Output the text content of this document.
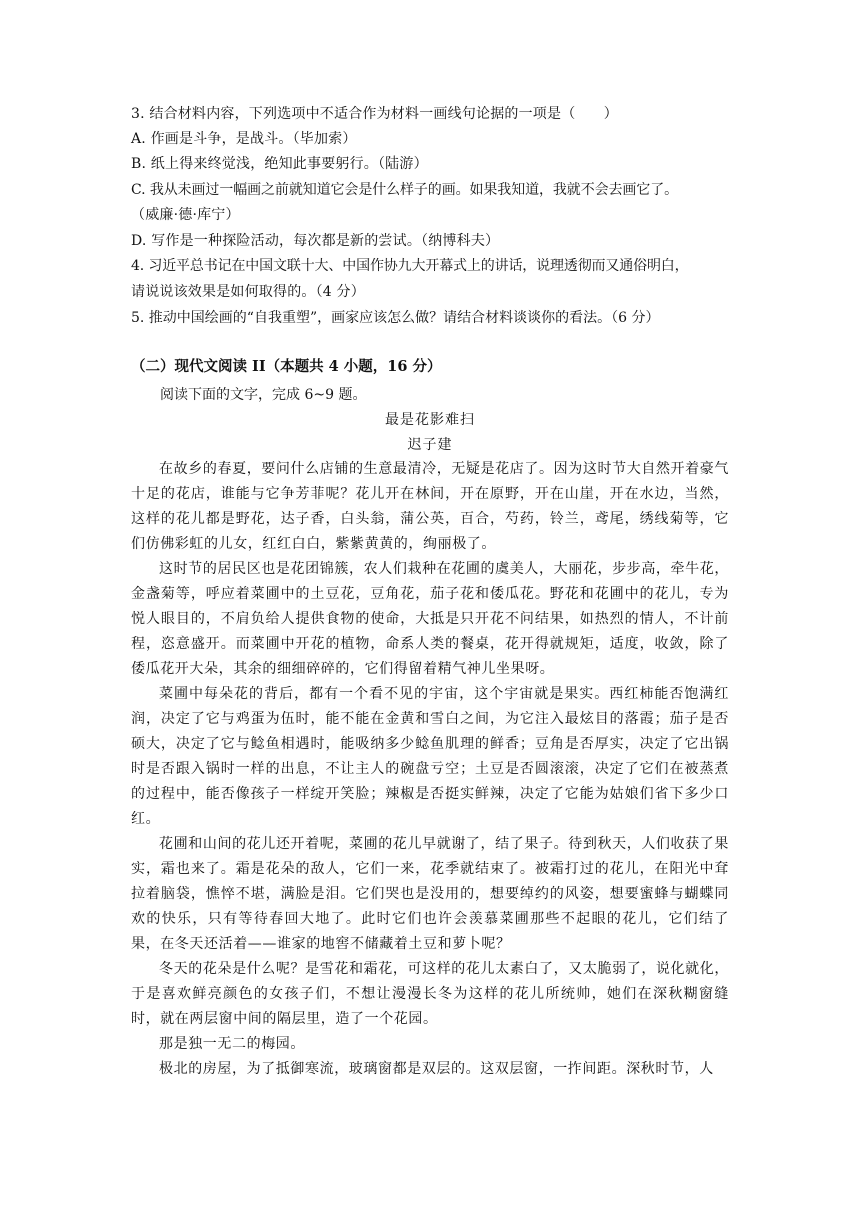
3. 结合材料内容，下列选项中不适合作为材料一画线句论据的一项是（　　）
A. 作画是斗争，是战斗。（毕加索）
B. 纸上得来终觉浅，绝知此事要躬行。（陆游）
C. 我从未画过一幅画之前就知道它会是什么样子的画。如果我知道，我就不会去画它了。
（威廉·德·库宁）
D. 写作是一种探险活动，每次都是新的尝试。（纳博科夫）
4. 习近平总书记在中国文联十大、中国作协九大开幕式上的讲话，说理透彻而又通俗明白，
请说说该效果是如何取得的。（4 分）
5. 推动中国绘画的“自我重塑”，画家应该怎么做？请结合材料谈谈你的看法。（6 分）
（二）现代文阅读 II（本题共 4 小题，16 分）
阅读下面的文字，完成 6~9 题。
最是花影难扫
迟子建

在故乡的春夏，要问什么店铺的生意最清冷，无疑是花店了。因为这时节大自然开着豪气十足的花店，谁能与它争芳菲呢？花儿开在林间，开在原野，开在山崖，开在水边，当然，这样的花儿都是野花，达子香，白头翁，蒲公英，百合，芍药，铃兰，鸢尾，绣线菊等，它们仿佛彩虹的儿女，红红白白，紫紫黄黄的，绚丽极了。

这时节的居民区也是花团锦簇，农人们栽种在花圃的虞美人，大丽花，步步高，牵牛花，金盏菊等，呼应着菜圃中的土豆花，豆角花，茄子花和倭瓜花。野花和花圃中的花儿，专为悦人眼目的，不肩负给人提供食物的使命，大抵是只开花不问结果，如热烈的情人，不计前程，恣意盛开。而菜圃中开花的植物，命系人类的餐桌，花开得就规矩，适度，收敛，除了倭瓜花开大朵，其余的细细碎碎的，它们得留着精气神儿坐果呀。

菜圃中每朵花的背后，都有一个看不见的宇宙，这个宇宙就是果实。西红柿能否饱满红润，决定了它与鸡蛋为伍时，能不能在金黄和雪白之间，为它注入最炫目的落霞；茄子是否硕大，决定了它与鲶鱼相遇时，能吸纳多少鲶鱼肌理的鲜香；豆角是否厚实，决定了它出锅时是否跟入锅时一样的出息，不让主人的碗盘亏空；土豆是否圆滚滚，决定了它们在被蒸煮的过程中，能否像孩子一样绽开笑脸；辣椒是否挺实鲜辣，决定了它能为姑娘们省下多少口红。

花圃和山间的花儿还开着呢，菜圃的花儿早就谢了，结了果子。待到秋天，人们收获了果实，霜也来了。霜是花朵的敌人，它们一来，花季就结束了。被霜打过的花儿，在阳光中耷拉着脑袋，憔悴不堪，满脸是泪。它们哭也是没用的，想要绰约的风姿，想要蜜蜂与蝴蝶同欢的快乐，只有等待春回大地了。此时它们也许会羡慕菜圃那些不起眼的花儿，它们结了果，在冬天还活着——谁家的地窖不储藏着土豆和萝卜呢？

冬天的花朵是什么呢？是雪花和霜花，可这样的花儿太素白了，又太脆弱了，说化就化，于是喜欢鲜亮颜色的女孩子们，不想让漫漫长冬为这样的花儿所统帅，她们在深秋糊窗缝时，就在两层窗中间的隔层里，造了一个花园。

那是独一无二的梅园。

极北的房屋，为了抵御寒流，玻璃窗都是双层的。这双层窗，一拃间距。深秋时节，人
